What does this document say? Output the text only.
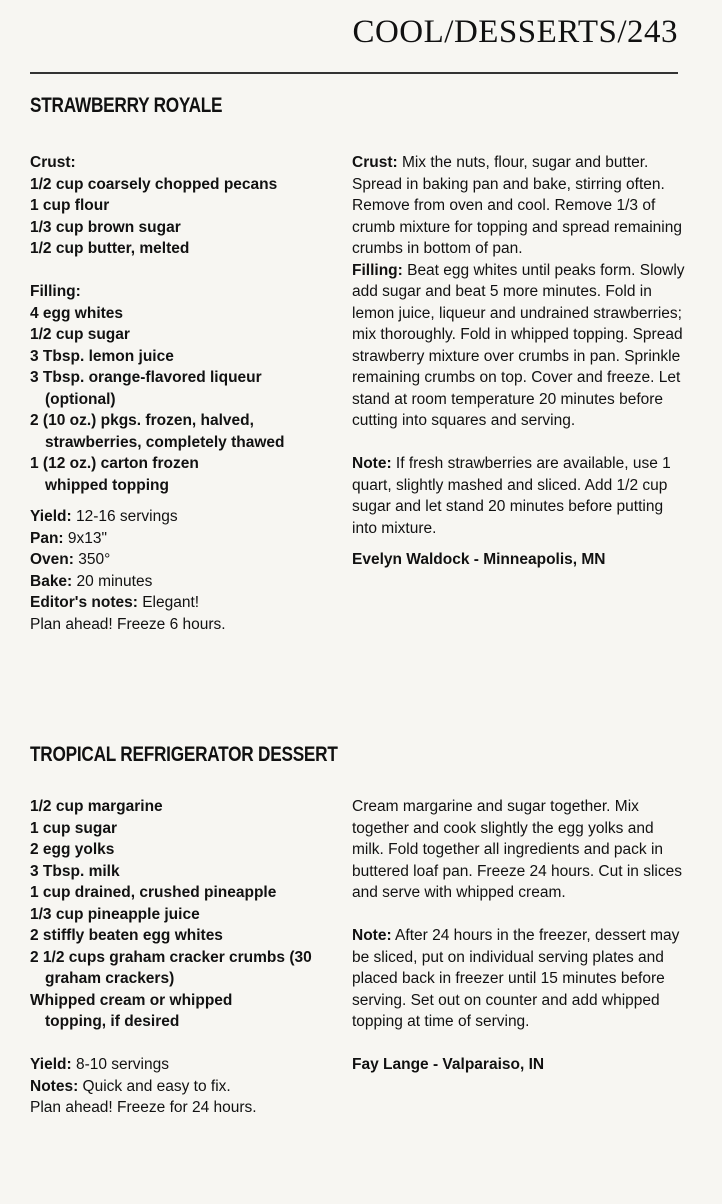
COOL/DESSERTS/243
STRAWBERRY ROYALE
Crust:
1/2 cup coarsely chopped pecans
1 cup flour
1/3 cup brown sugar
1/2 cup butter, melted
Filling:
4 egg whites
1/2 cup sugar
3 Tbsp. lemon juice
3 Tbsp. orange-flavored liqueur (optional)
2 (10 oz.) pkgs. frozen, halved, strawberries, completely thawed
1 (12 oz.) carton frozen whipped topping
Yield: 12-16 servings
Pan: 9x13"
Oven: 350°
Bake: 20 minutes
Editor's notes: Elegant!
Plan ahead! Freeze 6 hours.
Crust: Mix the nuts, flour, sugar and butter. Spread in baking pan and bake, stirring often. Remove from oven and cool. Remove 1/3 of crumb mixture for topping and spread remaining crumbs in bottom of pan.
Filling: Beat egg whites until peaks form. Slowly add sugar and beat 5 more minutes. Fold in lemon juice, liqueur and undrained strawberries; mix thoroughly. Fold in whipped topping. Spread strawberry mixture over crumbs in pan. Sprinkle remaining crumbs on top. Cover and freeze. Let stand at room temperature 20 minutes before cutting into squares and serving.
Note: If fresh strawberries are available, use 1 quart, slightly mashed and sliced. Add 1/2 cup sugar and let stand 20 minutes before putting into mixture.
Evelyn Waldock - Minneapolis, MN
TROPICAL REFRIGERATOR DESSERT
1/2 cup margarine
1 cup sugar
2 egg yolks
3 Tbsp. milk
1 cup drained, crushed pineapple
1/3 cup pineapple juice
2 stiffly beaten egg whites
2 1/2 cups graham cracker crumbs (30 graham crackers)
Whipped cream or whipped topping, if desired
Yield: 8-10 servings
Notes: Quick and easy to fix.
Plan ahead! Freeze for 24 hours.
Cream margarine and sugar together. Mix together and cook slightly the egg yolks and milk. Fold together all ingredients and pack in buttered loaf pan. Freeze 24 hours. Cut in slices and serve with whipped cream.
Note: After 24 hours in the freezer, dessert may be sliced, put on individual serving plates and placed back in freezer until 15 minutes before serving. Set out on counter and add whipped topping at time of serving.
Fay Lange - Valparaiso, IN
